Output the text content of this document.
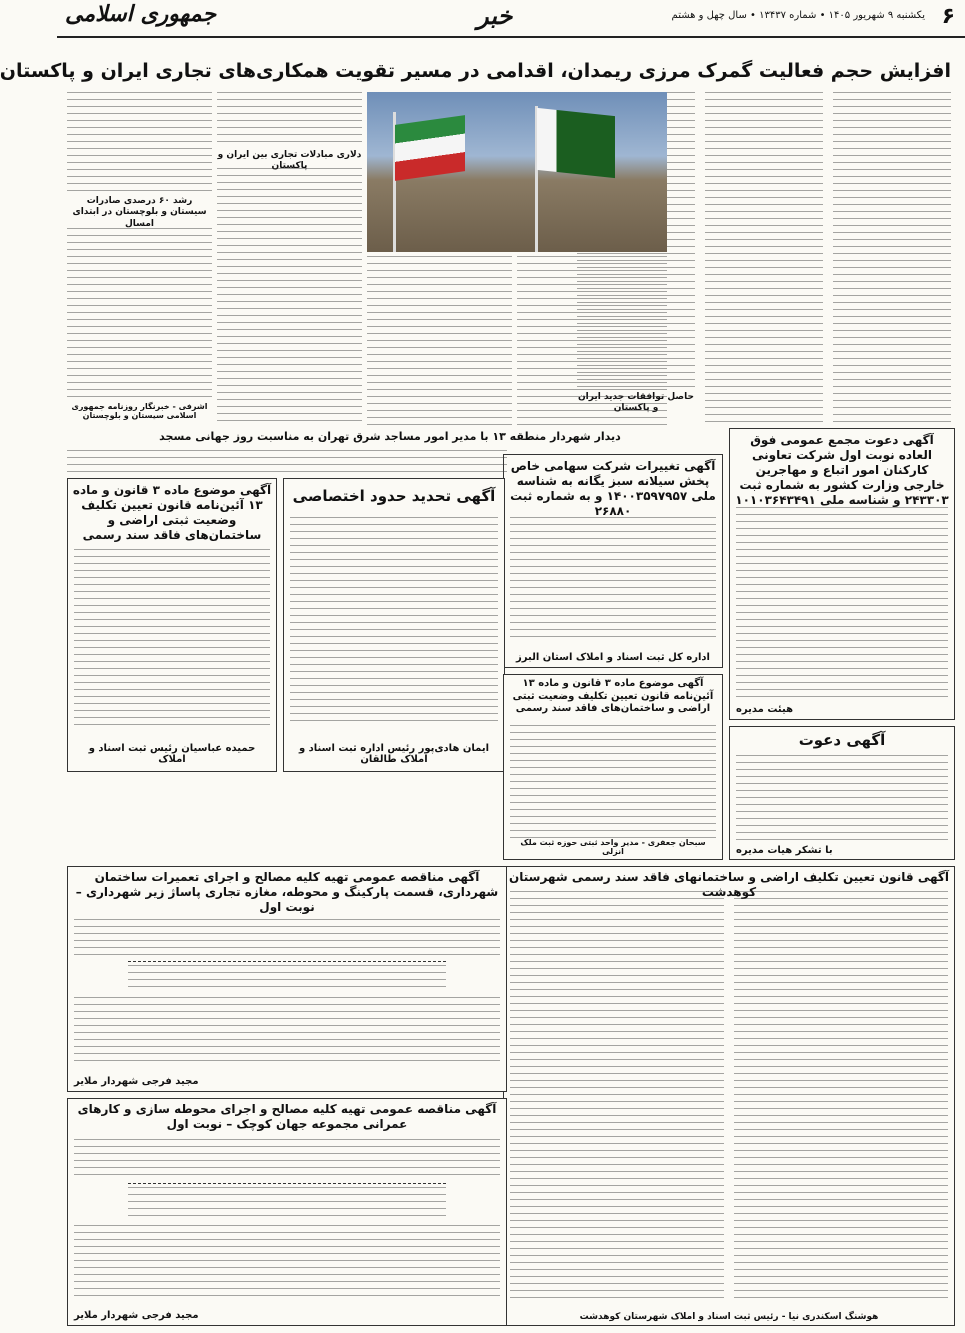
۶
یکشنبه ۹ شهریور ۱۴۰۵ • شماره ۱۳۴۳۷ • سال چهل و هشتم
خبر
جمهوری اسلامی
افزایش حجم فعالیت گمرک مرزی ریمدان، اقدامی در مسیر تقویت همکاری‌های تجاری ایران و پاکستان
حاصل توافقات جدید ایران و پاکستان
دلاری مبادلات تجاری بین ایران و پاکستان
رشد ۶۰ درصدی صادرات سیستان و بلوچستان در ابتدای امسال
اشرفی - خبرنگار روزنامه جمهوری اسلامی سیستان و بلوچستان
آگهی دعوت مجمع عمومی فوق العاده نوبت اول شرکت تعاونی کارکنان امور اتباع و مهاجرین خارجی وزارت کشور به شماره ثبت ۲۴۳۳۰۳ و شناسه ملی ۱۰۱۰۳۶۴۳۴۹۱
هیئت مدیره
آگهی تغییرات شرکت سهامی خاص پخش سیلانه سبز یگانه به شناسه ملی ۱۴۰۰۳۵۹۷۹۵۷ و به شماره ثبت ۲۶۸۸۰
اداره کل ثبت اسناد و املاک استان البرز
دیدار شهردار منطقه ۱۳ با مدیر امور مساجد شرق تهران به مناسبت روز جهانی مسجد
آگهی موضوع ماده ۳ قانون و ماده ۱۳ آئین‌نامه قانون تعیین تکلیف وضعیت ثبتی اراضی و ساختمان‌های فاقد سند رسمی
حمیده عباسیان رئیس ثبت اسناد و املاک
آگهی تحدید حدود اختصاصی
ایمان هادی‌پور رئیس اداره ثبت اسناد و املاک طالقان
آگهی دعوت
با تشکر هیات مدیره
آگهی موضوع ماده ۳ قانون و ماده ۱۳ آئین‌نامه قانون تعیین تکلیف وضعیت ثبتی اراضی و ساختمان‌های فاقد سند رسمی
سبحان جعفری - مدیر واحد ثبتی حوزه ثبت ملک انزلی
آگهی قانون تعیین تکلیف اراضی و ساختمانهای فاقد سند رسمی شهرستان کوهدشت
هوشنگ اسکندری نیا - رئیس ثبت اسناد و املاک شهرستان کوهدشت
آگهی مناقصه عمومی تهیه کلیه مصالح و اجرای تعمیرات ساختمان شهرداری، قسمت پارکینگ و محوطه، مغازه تجاری پاساژ زیر شهرداری – نوبت اول
مجید فرجی شهردار ملایر
آگهی مناقصه عمومی تهیه کلیه مصالح و اجرای محوطه سازی و کارهای عمرانی مجموعه جهان کوچک – نوبت اول
مجید فرجی شهردار ملایر
